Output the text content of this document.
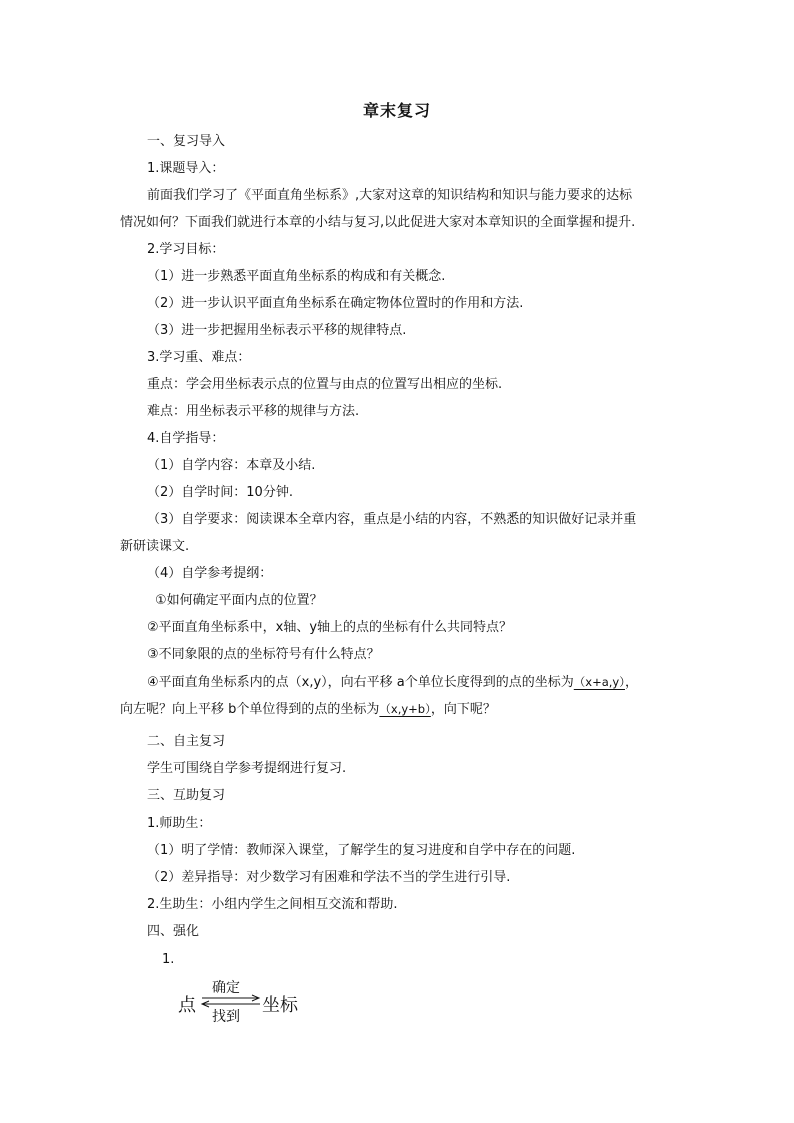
章末复习
一、复习导入
1.课题导入：
前面我们学习了《平面直角坐标系》,大家对这章的知识结构和知识与能力要求的达标
情况如何？下面我们就进行本章的小结与复习,以此促进大家对本章知识的全面掌握和提升.
2.学习目标：
（1）进一步熟悉平面直角坐标系的构成和有关概念.
（2）进一步认识平面直角坐标系在确定物体位置时的作用和方法.
（3）进一步把握用坐标表示平移的规律特点.
3.学习重、难点：
重点：学会用坐标表示点的位置与由点的位置写出相应的坐标.
难点：用坐标表示平移的规律与方法.
4.自学指导：
（1）自学内容：本章及小结.
（2）自学时间：10分钟.
（3）自学要求：阅读课本全章内容，重点是小结的内容，不熟悉的知识做好记录并重
新研读课文.
（4）自学参考提纲：
①如何确定平面内点的位置？
②平面直角坐标系中，x轴、y轴上的点的坐标有什么共同特点？
③不同象限的点的坐标符号有什么特点？
④平面直角坐标系内的点（x,y），向右平移 a个单位长度得到的点的坐标为（x+a,y），
向左呢？向上平移 b个单位得到的点的坐标为（x,y+b），向下呢？
二、自主复习
学生可围绕自学参考提纲进行复习.
三、互助复习
1.师助生：
（1）明了学情：教师深入课堂，了解学生的复习进度和自学中存在的问题.
（2）差异指导：对少数学习有困难和学法不当的学生进行引导.
2.生助生：小组内学生之间相互交流和帮助.
四、强化
1.
点
确定
找到
坐标
